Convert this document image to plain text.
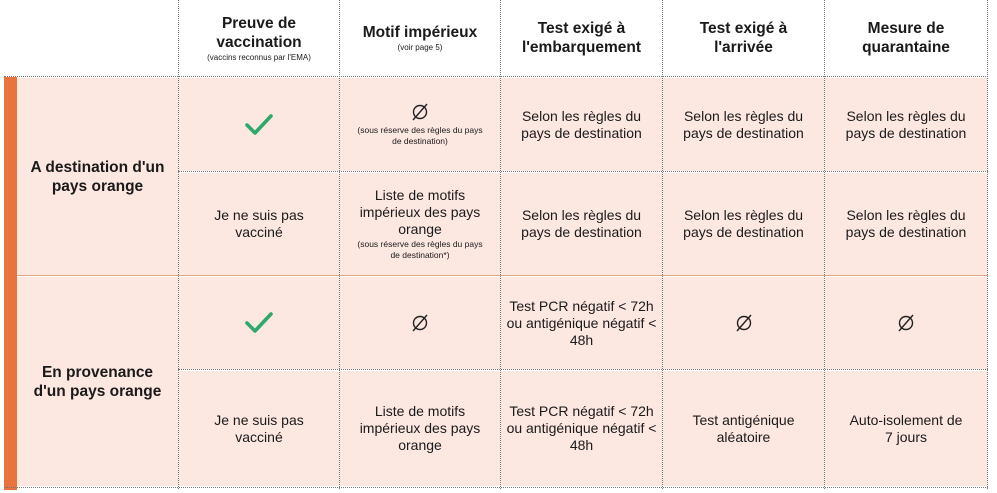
Preuve de vaccination
(vaccins reconnus par l'EMA)
Motif impérieux
(voir page 5)
Test exigé à l'embarquement
Test exigé à l'arrivée
Mesure de quarantaine
A destination d'un pays orange
En provenance d'un pays orange
(sous réserve des règles du pays de destination)
Selon les règles du pays de destination
Selon les règles du pays de destination
Selon les règles du pays de destination
Je ne suis pas vacciné
Liste de motifs impérieux des pays orange
(sous réserve des règles du pays de destination*)
Selon les règles du pays de destination
Selon les règles du pays de destination
Selon les règles du pays de destination
Test PCR négatif < 72h ou antigénique négatif < 48h
Je ne suis pas vacciné
Liste de motifs impérieux des pays orange
Test PCR négatif < 72h ou antigénique négatif < 48h
Test antigénique aléatoire
Auto-isolement de 7 jours
